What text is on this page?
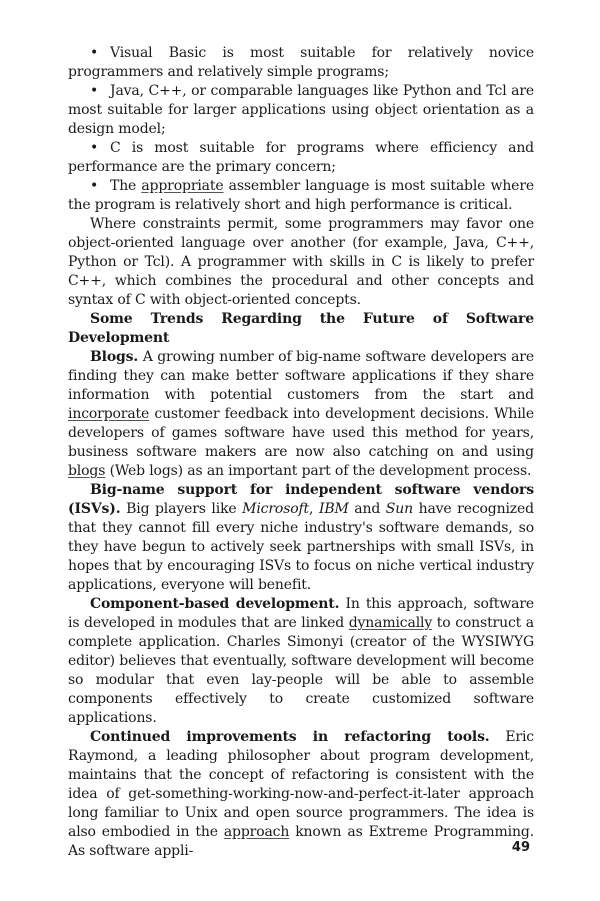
• Visual Basic is most suitable for relatively novice programmers and relatively simple programs;

• Java, C++, or comparable languages like Python and Tcl are most suitable for larger applications using object orientation as a design model;

• C is most suitable for programs where efficiency and performance are the primary concern;

• The appropriate assembler language is most suitable where the program is relatively short and high performance is critical.

Where constraints permit, some programmers may favor one object-oriented language over another (for example, Java, C++, Python or Tcl). A programmer with skills in C is likely to prefer C++, which combines the procedural and other concepts and syntax of C with object-oriented concepts.

Some Trends Regarding the Future of Software Development

Blogs. A growing number of big-name software developers are finding they can make better software applications if they share information with potential customers from the start and incorporate customer feedback into development decisions. While developers of games software have used this method for years, business software makers are now also catching on and using blogs (Web logs) as an important part of the development process.

Big-name support for independent software vendors (ISVs). Big players like Microsoft, IBM and Sun have recognized that they cannot fill every niche industry's software demands, so they have begun to actively seek partnerships with small ISVs, in hopes that by encouraging ISVs to focus on niche vertical industry applications, everyone will benefit.

Component-based development. In this approach, software is developed in modules that are linked dynamically to construct a complete application. Charles Simonyi (creator of the WYSIWYG editor) believes that eventually, software development will become so modular that even lay-people will be able to assemble components effectively to create customized software applications.

Continued improvements in refactoring tools. Eric Raymond, a leading philosopher about program development, maintains that the concept of refactoring is consistent with the idea of get-something-working-now-and-perfect-it-later approach long familiar to Unix and open source programmers. The idea is also embodied in the approach known as Extreme Programming. As software appli-	49
